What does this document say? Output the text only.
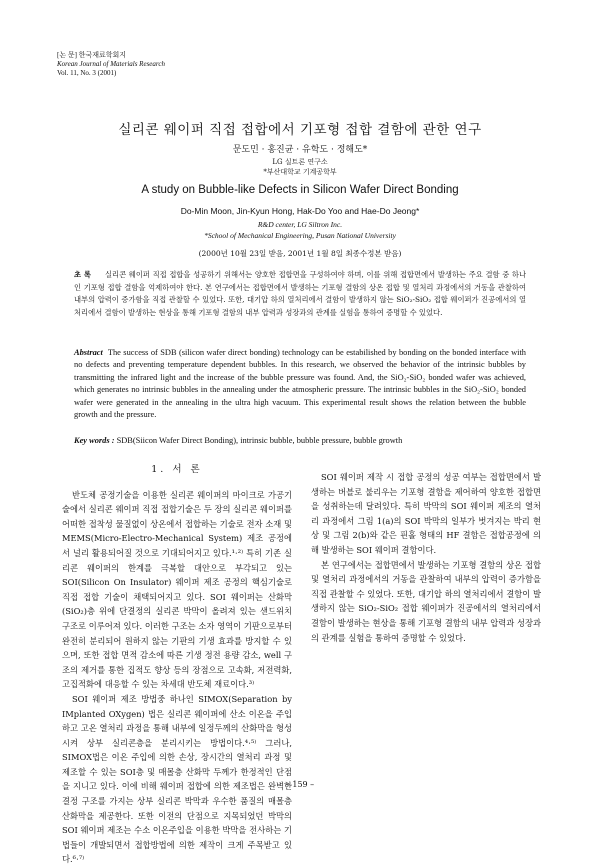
[논 문] 한국재료학회지
Korean Journal of Materials Research
Vol. 11, No. 3 (2001)
실리콘 웨이퍼 직접 접합에서 기포형 접합 결함에 관한 연구
문도민 · 홍진균 · 유학도 · 정해도*
LG 실트론 연구소
*부산대학교 기계공학부
A study on Bubble-like Defects in Silicon Wafer Direct Bonding
Do-Min Moon, Jin-Kyun Hong, Hak-Do Yoo and Hae-Do Jeong*
R&D center, LG Siltron Inc.
*School of Mechanical Engineering, Pusan National University
(2000년 10월 23일 받음, 2001년 1월 8일 최종수정본 받음)
초 록 실리콘 웨이퍼 직접 접합을 성공하기 위해서는 양호한 접합면을 구성하여야 하며, 이를 위해 접합면에서 발생하는 주요 결함 중 하나인 기포형 접합 결함을 억제하여야 한다. 본 연구에서는 접합면에서 발생하는 기포형 결함의 상온 접합 및 열처리 과정에서의 거동을 관찰하여 내부의 압력이 증가함을 직접 관찰할 수 있었다. 또한, 대기압 하의 열처리에서 결함이 발생하지 않는 SiO₂-SiO₂ 접합 웨이퍼가 진공에서의 열처리에서 결함이 발생하는 현상을 통해 기포형 결함의 내부 압력과 성장과의 관계를 실험을 통하여 증명할 수 있었다.
Abstract The success of SDB (silicon wafer direct bonding) technology can be estabilished by bonding on the bonded interface with no defects and preventing temperature dependent bubbles. In this research, we observed the behavior of the intrinsic bubbles by transmitting the infrared light and the increase of the bubble pressure was found. And, the SiO₂-SiO₂ bonded wafer was achieved, which generates no intrinsic bubbles in the annealing under the atmospheric pressure. The intrinsic bubbles in the SiO₂-SiO₂ bonded wafer were generated in the annealing in the ultra high vacuum. This experimental result shows the relation between the bubble growth and the pressure.
Key words : SDB(Siicon Wafer Direct Bonding), intrinsic bubble, bubble pressure, bubble growth
1. 서 론

반도체 공정기술을 이용한 실리콘 웨이퍼의 마이크로 가공기술에서 실리콘 웨이퍼 직접 접합기술은 두 장의 실리콘 웨이퍼를 어떠한 접착성 물질없이 상온에서 접합하는 기술로 전자 소재 및 MEMS(Micro-Electro-Mechanical System) 제조 공정에서 널리 활용되어질 것으로 기대되어지고 있다.¹⋅²⁾ 특히 기존 실리콘 웨이퍼의 한계를 극복할 대안으로 부각되고 있는 SOI(Silicon On Insulator) 웨이퍼 제조 공정의 핵심기술로 직접 접합 기술이 채택되어지고 있다. SOI 웨이퍼는 산화막(SiO₂)층 위에 단결정의 실리콘 박막이 올려져 있는 샌드위치 구조로 이루어져 있다. 이러한 구조는 소자 영역이 기판으로부터 완전히 분리되어 원하지 않는 기판의 기생 효과를 방지할 수 있으며, 또한 접합 면적 감소에 따른 기생 정전 용량 감소, well 구조의 제거를 통한 집적도 향상 등의 장점으로 고속화, 저전력화, 고집적화에 대응할 수 있는 차세대 반도체 재료이다.³⁾

SOI 웨이퍼 제조 방법중 하나인 SIMOX(Separation by IMplanted OXygen) 법은 실리콘 웨이퍼에 산소 이온을 주입하고 고온 열처리 과정을 통해 내부에 일정두께의 산화막을 형성시켜 상부 실리콘층을 분리시키는 방법이다.⁴⋅⁵⁾ 그러나, SIMOX법은 이온 주입에 의한 손상, 장시간의 열처리 과정 및 제조할 수 있는 SOI층 및 매몰층 산화막 두께가 한정적인 단점을 지니고 있다. 이에 비해 웨이퍼 접합에 의한 제조법은 완벽한 결정 구조를 가지는 상부 실리콘 박막과 우수한 품질의 매몰층 산화막을 제공한다. 또한 이전의 단점으로 지목되었던 박막의 SOI 웨이퍼 제조는 수소 이온주입을 이용한 박막을 전사하는 기법들이 개발되면서 접합방법에 의한 제작이 크게 주목받고 있다.⁶⋅⁷⁾

SOI 웨이퍼 제작 시 접합 공정의 성공 여부는 접합면에서 발생하는 버블로 불리우는 기포형 결함을 제어하여 양호한 접합면을 성취하는데 달려있다. 특히 박막의 SOI 웨이퍼 제조의 열처리 과정에서 그림 1(a)의 SOI 박막의 일부가 벗겨지는 박리 현상 및 그림 2(b)와 같은 핀홀 형태의 HF 결함은 접합공정에 의해 발생하는 SOI 웨이퍼 결함이다.

본 연구에서는 접합면에서 발생하는 기포형 결함의 상온 접합 및 열처리 과정에서의 거동을 관찰하여 내부의 압력이 증가함을 직접 관찰할 수 있었다. 또한, 대기압 하의 열처리에서 결함이 발생하지 않는 SiO₂-SiO₂ 접합 웨이퍼가 진공에서의 열처리에서 결함이 발생하는 현상을 통해 기포형 결함의 내부 압력과 성장과의 관계를 실험을 통하여 증명할 수 있었다.

– 159 –
